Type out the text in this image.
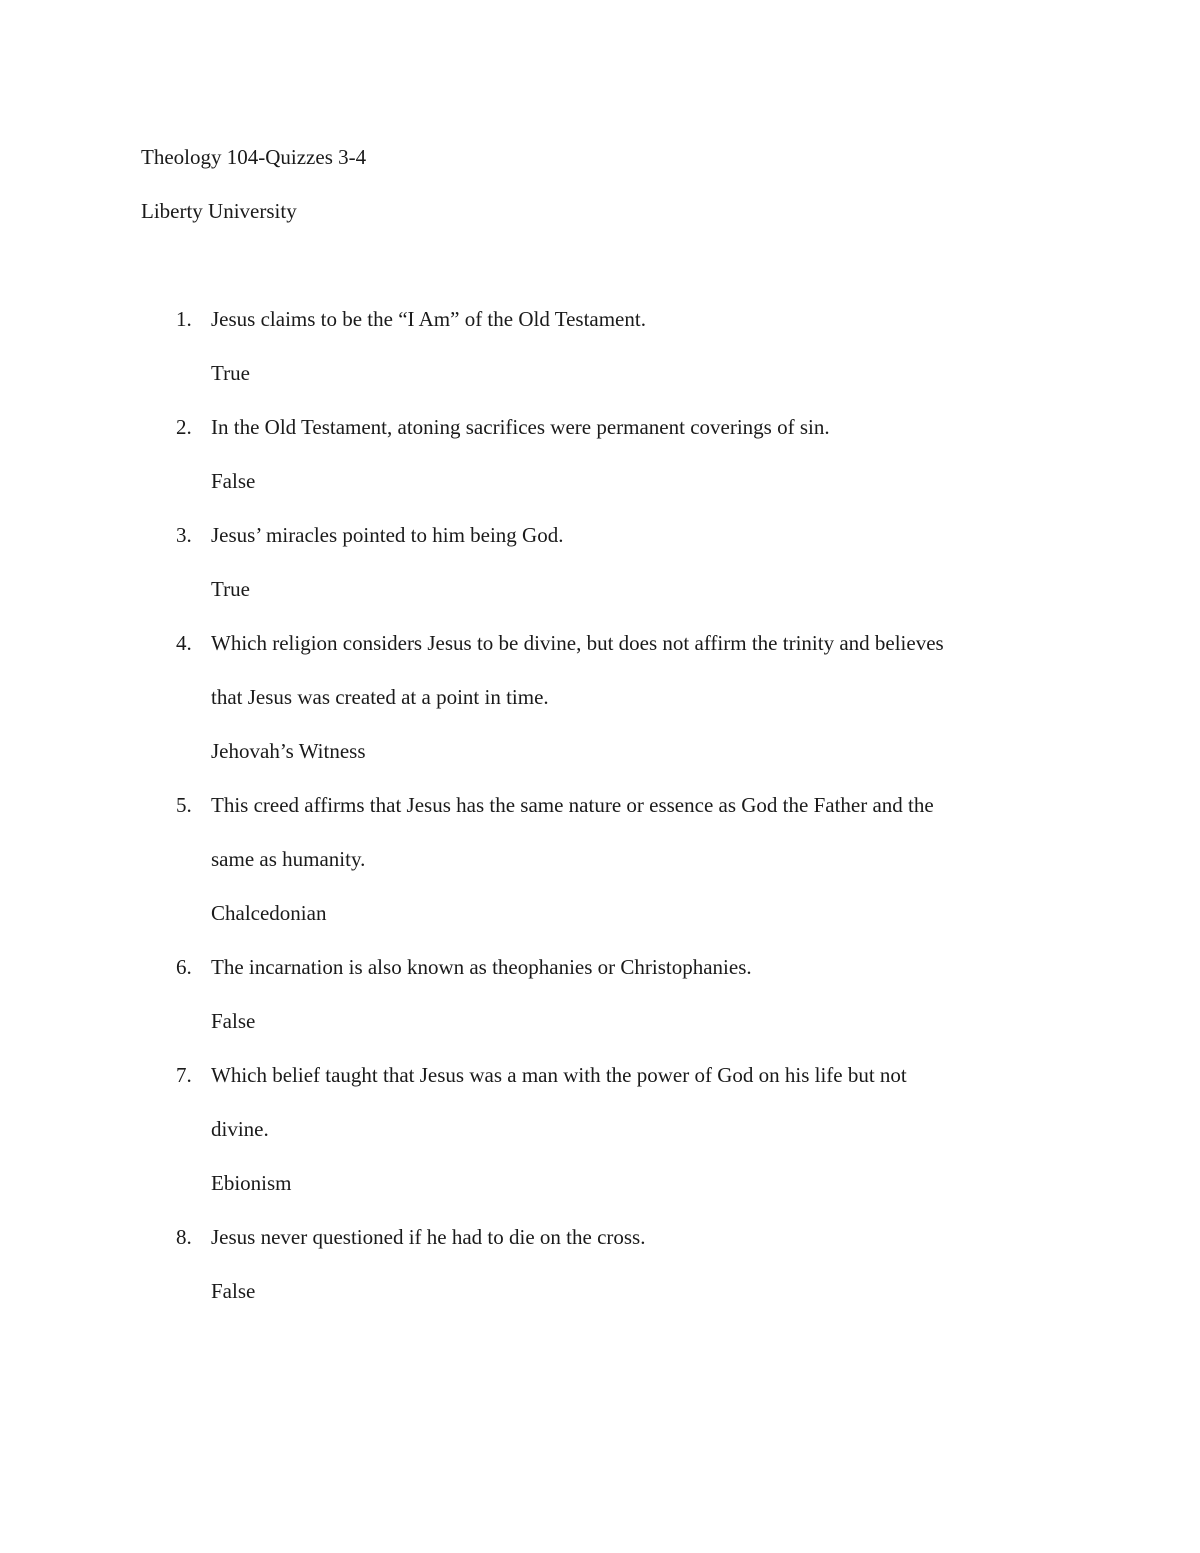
Theology 104-Quizzes 3-4
Liberty University
1. Jesus claims to be the “I Am” of the Old Testament.
True
2. In the Old Testament, atoning sacrifices were permanent coverings of sin.
False
3. Jesus’ miracles pointed to him being God.
True
4. Which religion considers Jesus to be divine, but does not affirm the trinity and believes
that Jesus was created at a point in time.
Jehovah’s Witness
5. This creed affirms that Jesus has the same nature or essence as God the Father and the
same as humanity.
Chalcedonian
6. The incarnation is also known as theophanies or Christophanies.
False
7. Which belief taught that Jesus was a man with the power of God on his life but not
divine.
Ebionism
8. Jesus never questioned if he had to die on the cross.
False
